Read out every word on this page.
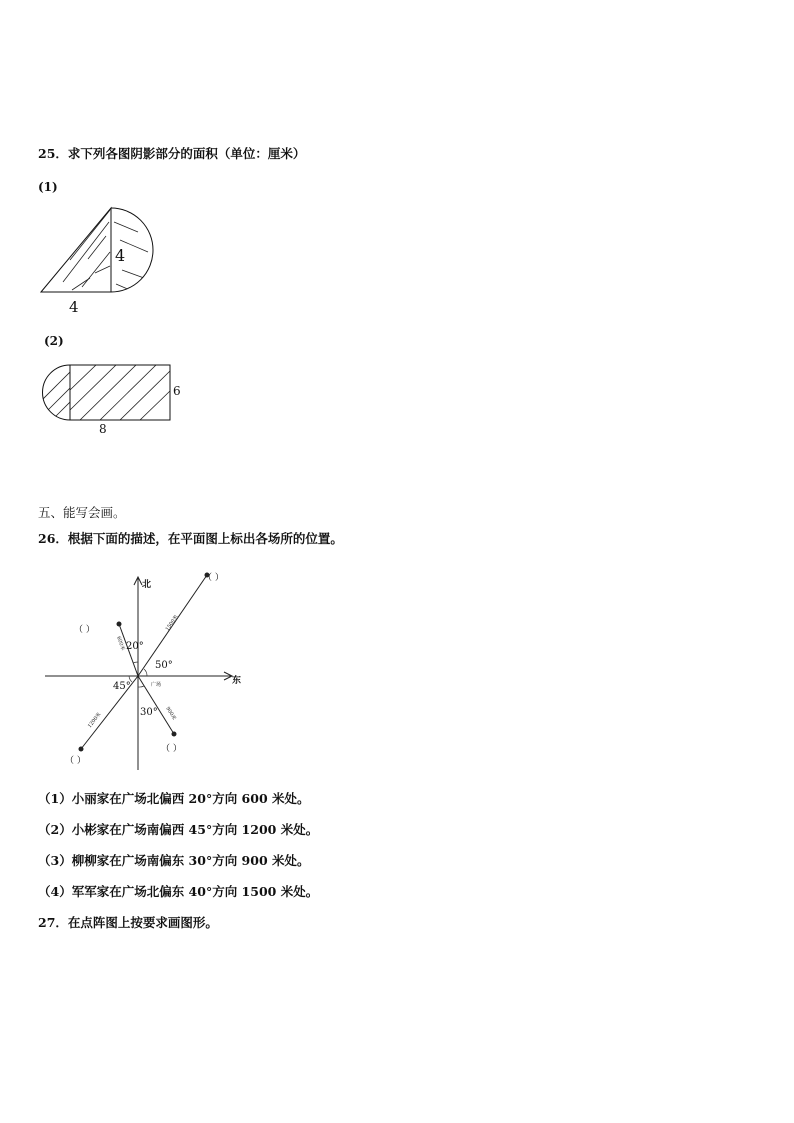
25．求下列各图阴影部分的面积（单位：厘米）
(1)
4
4
(2)
6
8
五、能写会画。
26．根据下面的描述，在平面图上标出各场所的位置。
北
东
20°
50°
45°
30°
广场
600米
1500米
1200米	900米
（ ）
（ ）
（ ）
（ ）
（1）小丽家在广场北偏西 20°方向 600 米处。
（2）小彬家在广场南偏西 45°方向 1200 米处。
（3）柳柳家在广场南偏东 30°方向 900 米处。
（4）军军家在广场北偏东 40°方向 1500 米处。
27．在点阵图上按要求画图形。
